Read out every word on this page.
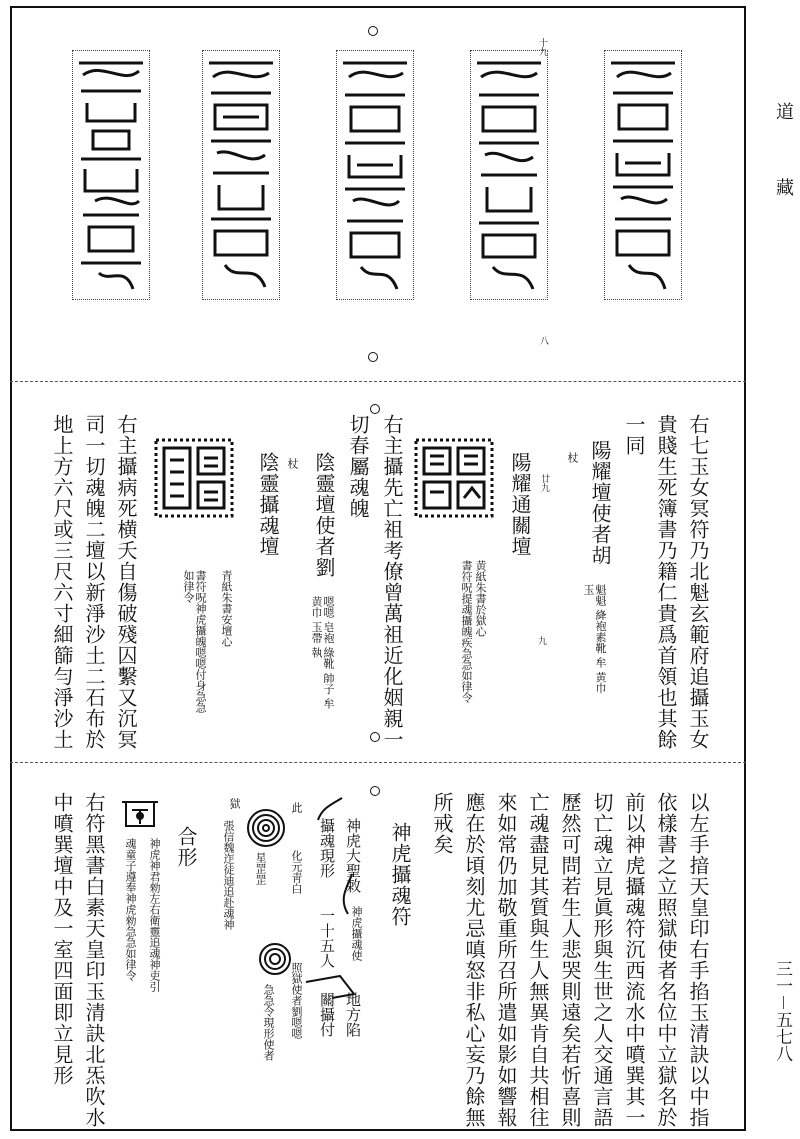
道
藏
三一－五七八
十九
八
右七玉女冥符乃北魁玄範府追攝玉女
貴賤生死簿書乃籍仁貴爲首領也其餘
一同
陽耀壇使者胡
魁魁 絳袍素靴 牟 黄巾 玉
杖
陽耀通關壇 廿九
九
黄紙朱書於獄心
書符呪提魂攝魄疾急急如律令
右主攝先亡祖考僚曾萬祖近化姻親一
切春屬魂魄
陰靈壇使者劉
嗯嗯 皂袍 綠靴 帥子 牟黄巾 玉帶 執
杖
陰靈攝魂壇
青紙朱書安壇心
書符呪神虎攝魄嗯嗯付身急急如律令
右主攝病死横夭自傷破殘囚繫又沉冥
司一切魂魄二壇以新淨沙土二石布於
地上方六尺或三尺六寸細篩勻淨沙土
以左手揞天皇印右手掐玉清訣以中指
依樣書之立照獄使者名位中立獄名於
前以神虎攝魂符沉西流水中噴巽其一
切亡魂立見眞形與生世之人交通言語
歷然可問若生人悲哭則遠矣若忻喜則
亡魂盡見其質與生人無異肯自共相往
來如常仍加敬重所召所遣如影如響報
應在於頃刻尤忌嗔怒非私心妄乃餘無
所戒矣
神虎攝魂符
神虎大聖敕
神虎攝魂使
地方陷
攝魂現形
一十五人
關攝付
此
化元靑白
照獄使者劉嗯嗯
獄
星罡罡
急急令現形使者
張信魏迮徒迪追赴魂神
合形
神虎神君勑左右衛靈追魂神吏引
魂童子遵奉神虎勑急急如律令
右符黑書白素天皇印玉清訣北炁吹水
中噴巽壇中及一室四面即立見形
